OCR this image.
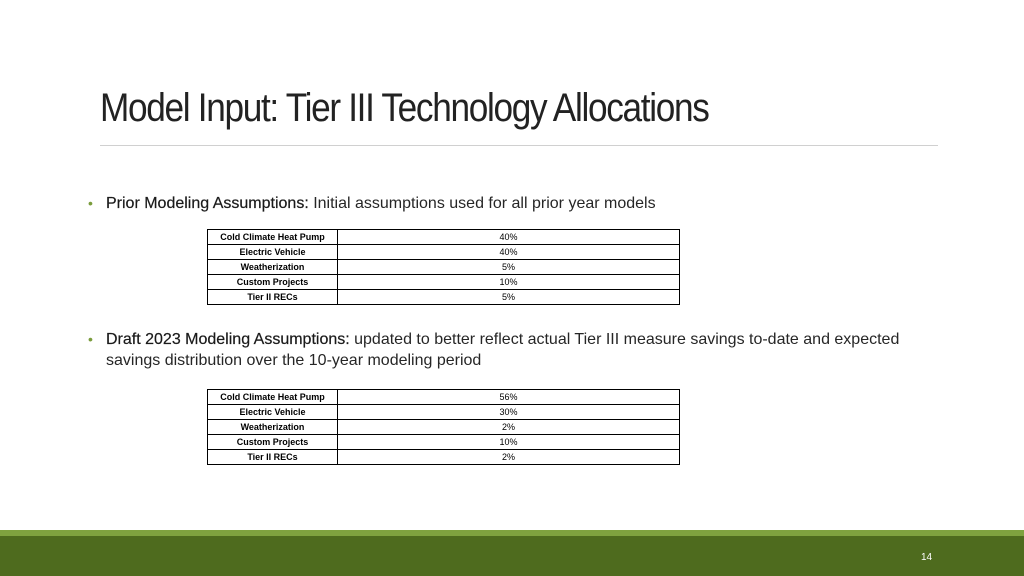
Model Input: Tier III Technology Allocations
• Prior Modeling Assumptions: Initial assumptions used for all prior year models
Cold Climate Heat Pump	40%
Electric Vehicle	40%
Weatherization	5%
Custom Projects	10%
Tier II RECs	5%
• Draft 2023 Modeling Assumptions: updated to better reflect actual Tier III measure savings to-date and expected savings distribution over the 10-year modeling period
Cold Climate Heat Pump	56%
Electric Vehicle	30%
Weatherization	2%
Custom Projects	10%
Tier II RECs	2%
14
